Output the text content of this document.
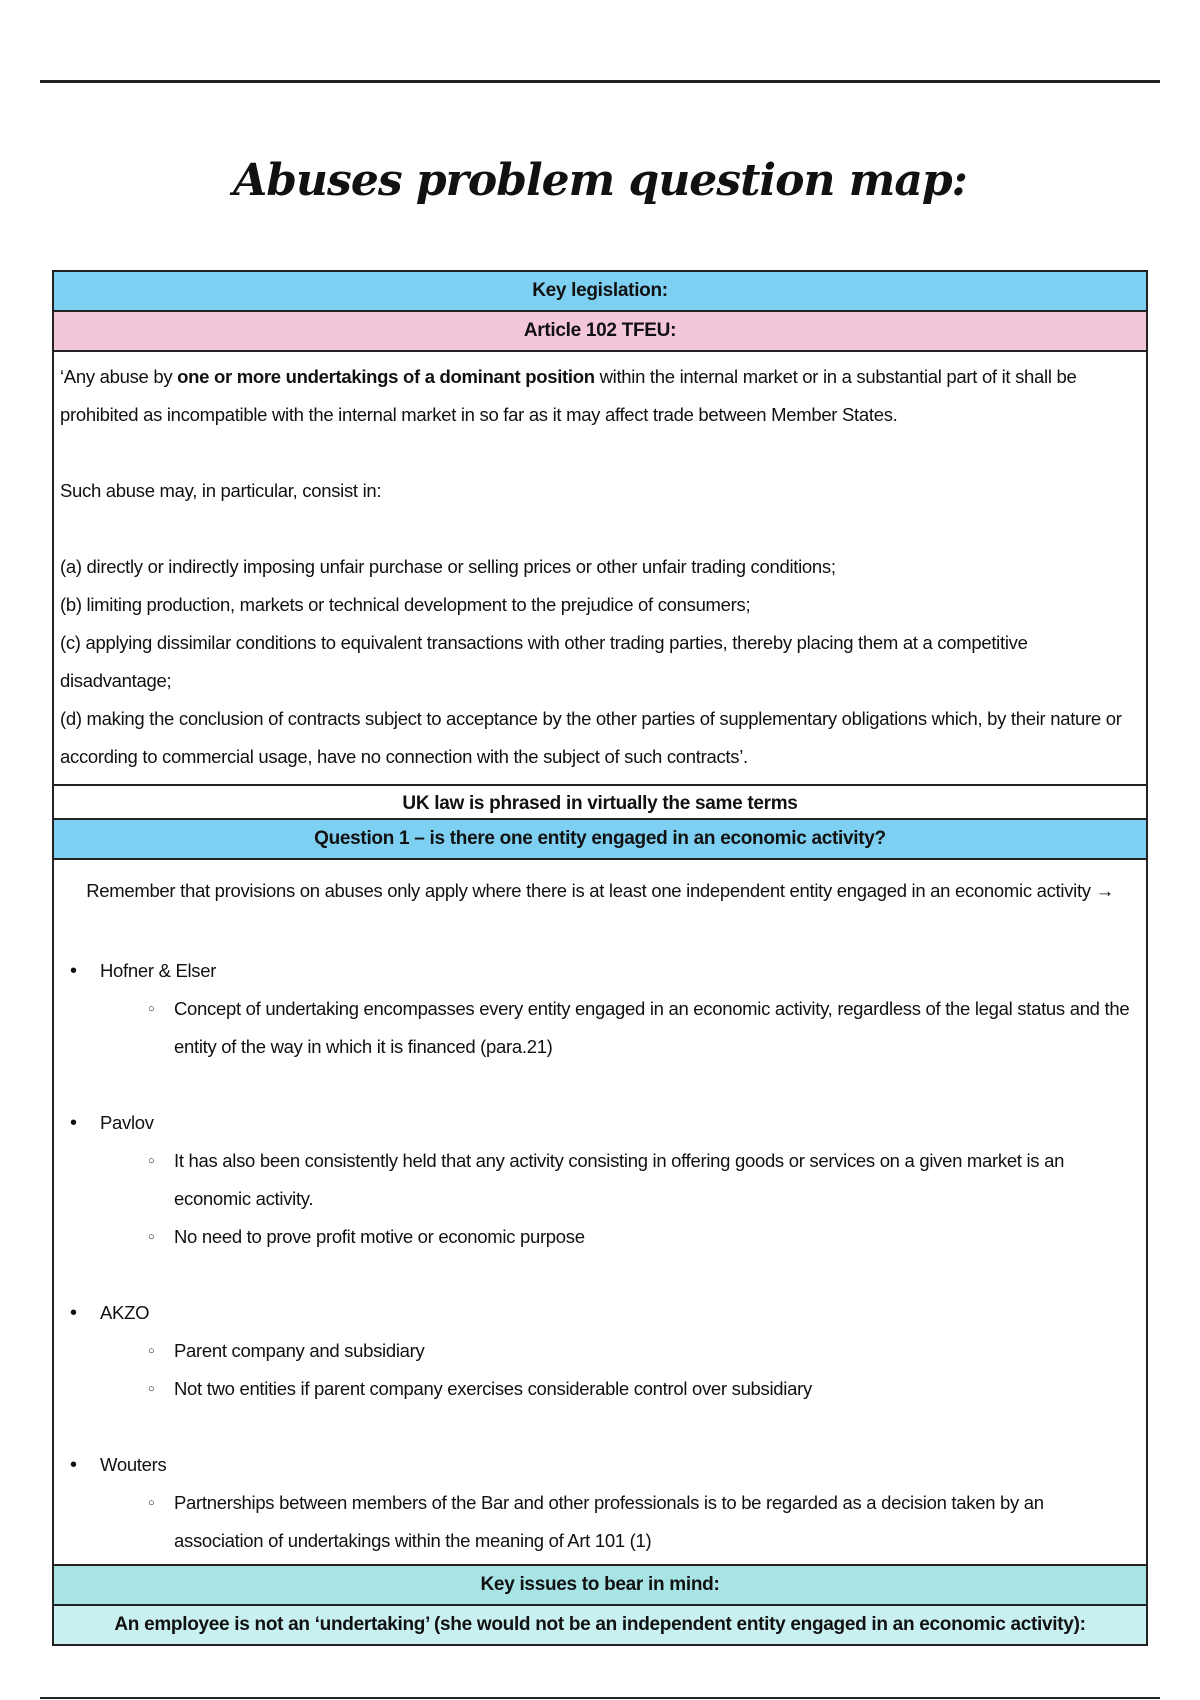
Abuses problem question map:
Key legislation:
Article 102 TFEU:

‘Any abuse by one or more undertakings of a dominant position within the internal market or in a substantial part of it shall be prohibited as incompatible with the internal market in so far as it may affect trade between Member States.

Such abuse may, in particular, consist in:

(a) directly or indirectly imposing unfair purchase or selling prices or other unfair trading conditions;

(b) limiting production, markets or technical development to the prejudice of consumers;

(c) applying dissimilar conditions to equivalent transactions with other trading parties, thereby placing them at a competitive disadvantage;

(d) making the conclusion of contracts subject to acceptance by the other parties of supplementary obligations which, by their nature or according to commercial usage, have no connection with the subject of such contracts’.

UK law is phrased in virtually the same terms
Question 1 – is there one entity engaged in an economic activity?
Remember that provisions on abuses only apply where there is at least one independent entity engaged in an economic activity →
• Hofner & Elser
○ Concept of undertaking encompasses every entity engaged in an economic activity, regardless of the legal status and the entity of the way in which it is financed (para.21)
• Pavlov
○ It has also been consistently held that any activity consisting in offering goods or services on a given market is an economic activity.
○ No need to prove profit motive or economic purpose
• AKZO
○ Parent company and subsidiary
○ Not two entities if parent company exercises considerable control over subsidiary
• Wouters
○ Partnerships between members of the Bar and other professionals is to be regarded as a decision taken by an association of undertakings within the meaning of Art 101 (1)
Key issues to bear in mind:
An employee is not an ‘undertaking’ (she would not be an independent entity engaged in an economic activity):
